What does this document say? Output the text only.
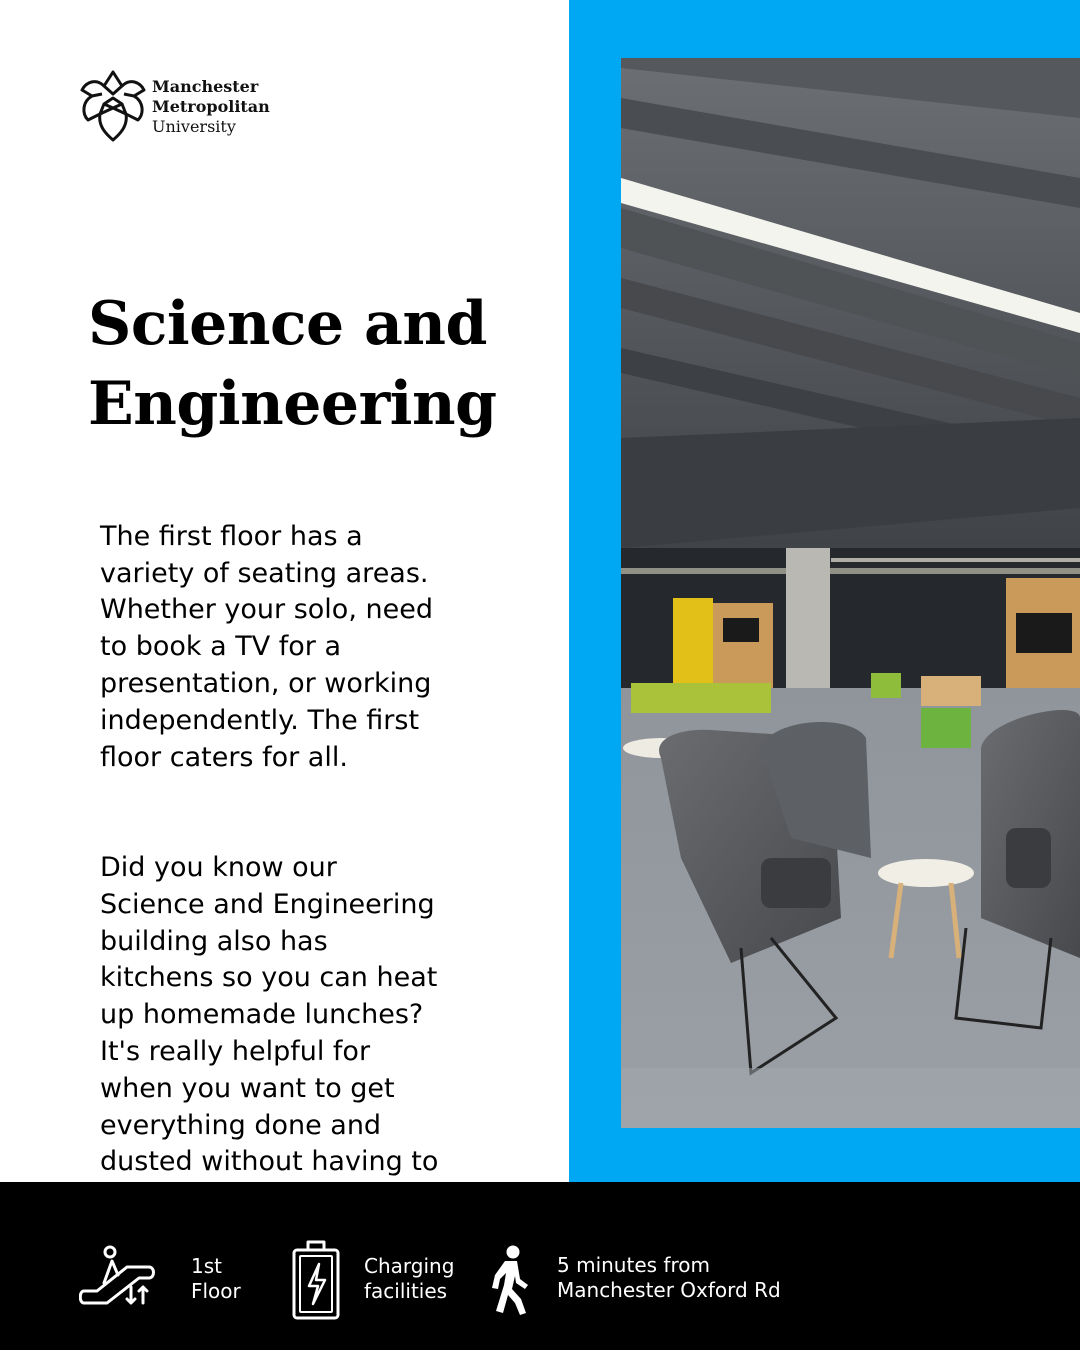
Manchester
Metropolitan
University
Science and
Engineering

The first floor has a
variety of seating areas.
Whether your solo, need
to book a TV for a
presentation, or working
independently. The first
floor caters for all.

Did you know our
Science and Engineering
building also has
kitchens so you can heat
up homemade lunches?
It's really helpful for
when you want to get
everything done and
dusted without having to

1st
Floor
Charging
facilities
5 minutes from
Manchester Oxford Rd
